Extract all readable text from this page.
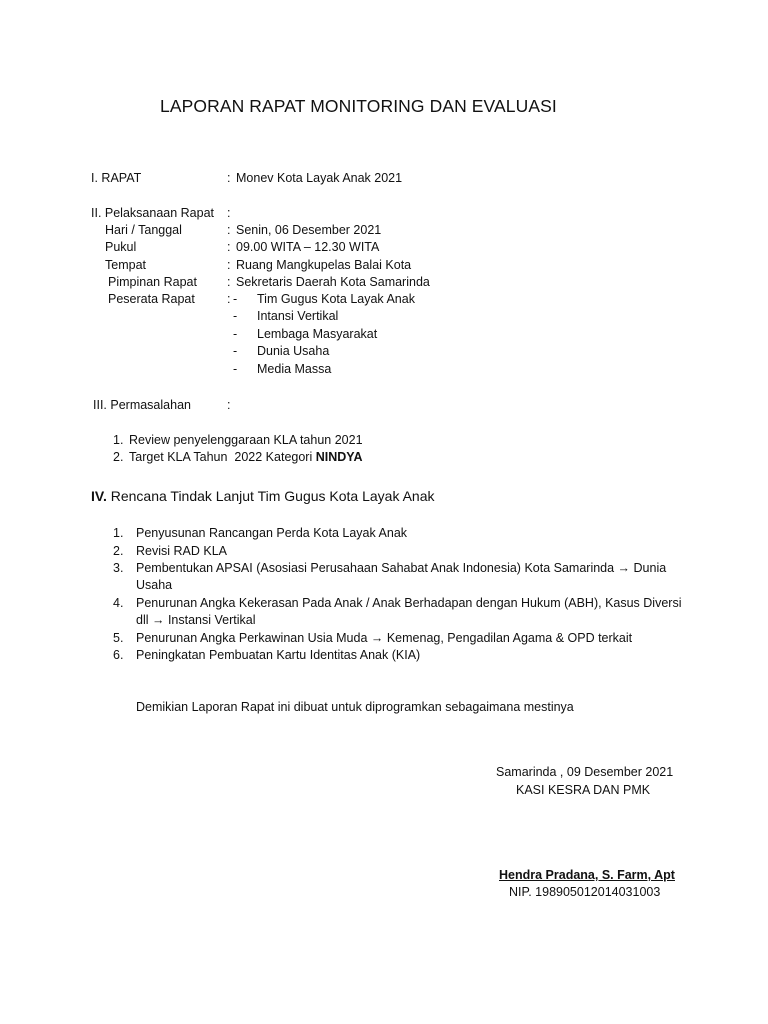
LAPORAN RAPAT MONITORING DAN EVALUASI
I. RAPAT	: Monev Kota Layak Anak 2021
II. Pelaksanaan Rapat :
Hari / Tanggal	: Senin, 06 Desember 2021
Pukul	: 09.00 WITA – 12.30 WITA
Tempat	: Ruang Mangkupelas Balai Kota
Pimpinan Rapat : Sekretaris Daerah Kota Samarinda
Peserata Rapat	: - Tim Gugus Kota Layak Anak
- Intansi Vertikal
- Lembaga Masyarakat
- Dunia Usaha
- Media Massa
III. Permasalahan	:
1. Review penyelenggaraan KLA tahun 2021
2. Target KLA Tahun  2022 Kategori NINDYA
IV. Rencana Tindak Lanjut Tim Gugus Kota Layak Anak
1. Penyusunan Rancangan Perda Kota Layak Anak
2. Revisi RAD KLA
3. Pembentukan APSAI (Asosiasi Perusahaan Sahabat Anak Indonesia) Kota Samarinda → Dunia
Usaha
4. Penurunan Angka Kekerasan Pada Anak / Anak Berhadapan dengan Hukum (ABH), Kasus Diversi
dll → Instansi Vertikal
5. Penurunan Angka Perkawinan Usia Muda → Kemenag, Pengadilan Agama & OPD terkait
6. Peningkatan Pembuatan Kartu Identitas Anak (KIA)
Demikian Laporan Rapat ini dibuat untuk diprogramkan sebagaimana mestinya
Samarinda , 09 Desember 2021
KASI KESRA DAN PMK
Hendra Pradana, S. Farm, Apt
NIP. 198905012014031003
